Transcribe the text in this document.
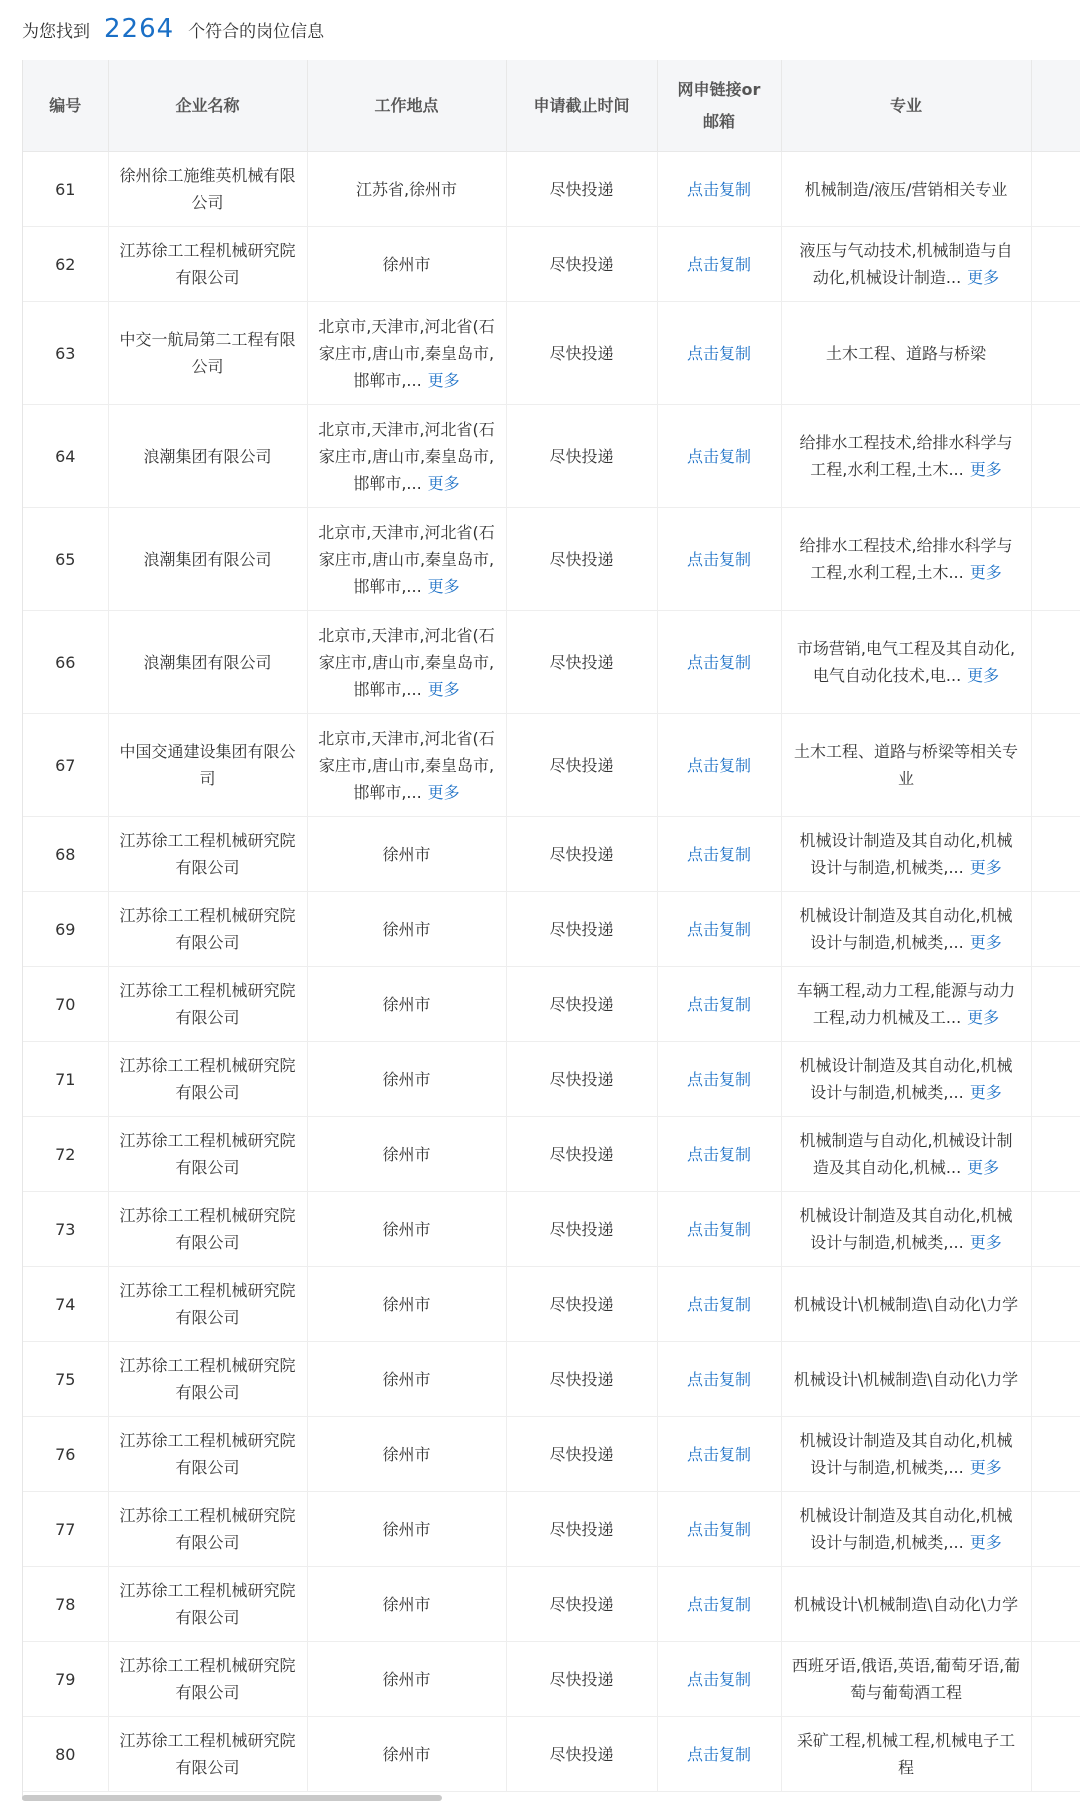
为您找到 2264 个符合的岗位信息
编号	企业名称	工作地点	申请截止时间	网申链接or
邮箱	专业	
61	徐州徐工施维英机械有限公司	江苏省,徐州市	尽快投递	点击复制	机械制造/液压/营销相关专业	
62	江苏徐工工程机械研究院有限公司	徐州市	尽快投递	点击复制	液压与气动技术,机械制造与自动化,机械设计制造... 更多	
63	中交一航局第二工程有限公司	北京市,天津市,河北省(石家庄市,唐山市,秦皇岛市,邯郸市,... 更多	尽快投递	点击复制	土木工程、道路与桥梁	
64	浪潮集团有限公司	北京市,天津市,河北省(石家庄市,唐山市,秦皇岛市,邯郸市,... 更多	尽快投递	点击复制	给排水工程技术,给排水科学与工程,水利工程,土木... 更多	
65	浪潮集团有限公司	北京市,天津市,河北省(石家庄市,唐山市,秦皇岛市,邯郸市,... 更多	尽快投递	点击复制	给排水工程技术,给排水科学与工程,水利工程,土木... 更多	
66	浪潮集团有限公司	北京市,天津市,河北省(石家庄市,唐山市,秦皇岛市,邯郸市,... 更多	尽快投递	点击复制	市场营销,电气工程及其自动化,电气自动化技术,电... 更多	
67	中国交通建设集团有限公司	北京市,天津市,河北省(石家庄市,唐山市,秦皇岛市,邯郸市,... 更多	尽快投递	点击复制	土木工程、道路与桥梁等相关专业	
68	江苏徐工工程机械研究院有限公司	徐州市	尽快投递	点击复制	机械设计制造及其自动化,机械设计与制造,机械类,... 更多	
69	江苏徐工工程机械研究院有限公司	徐州市	尽快投递	点击复制	机械设计制造及其自动化,机械设计与制造,机械类,... 更多	
70	江苏徐工工程机械研究院有限公司	徐州市	尽快投递	点击复制	车辆工程,动力工程,能源与动力工程,动力机械及工... 更多	
71	江苏徐工工程机械研究院有限公司	徐州市	尽快投递	点击复制	机械设计制造及其自动化,机械设计与制造,机械类,... 更多	
72	江苏徐工工程机械研究院有限公司	徐州市	尽快投递	点击复制	机械制造与自动化,机械设计制造及其自动化,机械... 更多	
73	江苏徐工工程机械研究院有限公司	徐州市	尽快投递	点击复制	机械设计制造及其自动化,机械设计与制造,机械类,... 更多	
74	江苏徐工工程机械研究院有限公司	徐州市	尽快投递	点击复制	机械设计\机械制造\自动化\力学	
75	江苏徐工工程机械研究院有限公司	徐州市	尽快投递	点击复制	机械设计\机械制造\自动化\力学	
76	江苏徐工工程机械研究院有限公司	徐州市	尽快投递	点击复制	机械设计制造及其自动化,机械设计与制造,机械类,... 更多	
77	江苏徐工工程机械研究院有限公司	徐州市	尽快投递	点击复制	机械设计制造及其自动化,机械设计与制造,机械类,... 更多	
78	江苏徐工工程机械研究院有限公司	徐州市	尽快投递	点击复制	机械设计\机械制造\自动化\力学	
79	江苏徐工工程机械研究院有限公司	徐州市	尽快投递	点击复制	西班牙语,俄语,英语,葡萄牙语,葡萄与葡萄酒工程	
80	江苏徐工工程机械研究院有限公司	徐州市	尽快投递	点击复制	采矿工程,机械工程,机械电子工程	
